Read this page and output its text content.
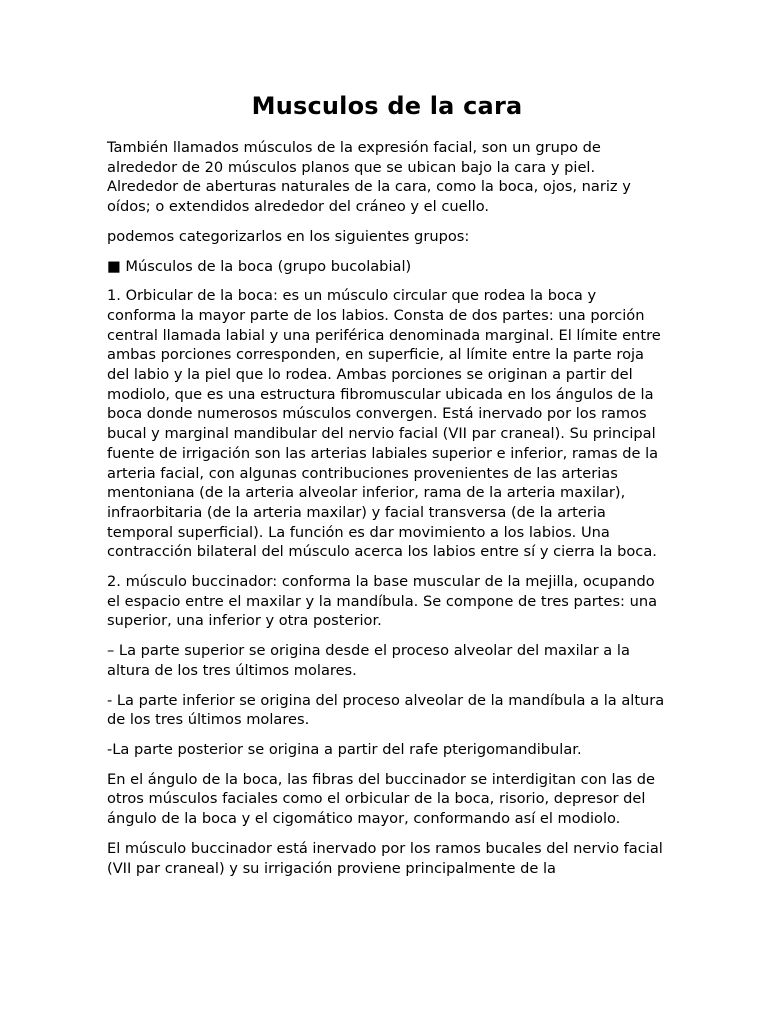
Musculos de la cara

También llamados músculos de la expresión facial, son un grupo de alrededor de 20 músculos planos que se ubican bajo la cara y piel. Alrededor de aberturas naturales de la cara, como la boca, ojos, nariz y oídos; o extendidos alrededor del cráneo y el cuello.

podemos categorizarlos en los siguientes grupos:

■ Músculos de la boca (grupo bucolabial)

1. Orbicular de la boca: es un músculo circular que rodea la boca y conforma la mayor parte de los labios. Consta de dos partes: una porción central llamada labial y una periférica denominada marginal. El límite entre ambas porciones corresponden, en superficie, al límite entre la parte roja del labio y la piel que lo rodea. Ambas porciones se originan a partir del modiolo, que es una estructura fibromuscular ubicada en los ángulos de la boca donde numerosos músculos convergen. Está inervado por los ramos bucal y marginal mandibular del nervio facial (VII par craneal). Su principal fuente de irrigación son las arterias labiales superior e inferior, ramas de la arteria facial, con algunas contribuciones provenientes de las arterias mentoniana (de la arteria alveolar inferior, rama de la arteria maxilar), infraorbitaria (de la arteria maxilar) y facial transversa (de la arteria temporal superficial). La función es dar movimiento a los labios. Una contracción bilateral del músculo acerca los labios entre sí y cierra la boca.

2. músculo buccinador: conforma la base muscular de la mejilla, ocupando el espacio entre el maxilar y la mandíbula. Se compone de tres partes: una superior, una inferior y otra posterior.

– La parte superior se origina desde el proceso alveolar del maxilar a la altura de los tres últimos molares.

- La parte inferior se origina del proceso alveolar de la mandíbula a la altura de los tres últimos molares.

-La parte posterior se origina a partir del rafe pterigomandibular.

En el ángulo de la boca, las fibras del buccinador se interdigitan con las de otros músculos faciales como el orbicular de la boca, risorio, depresor del ángulo de la boca y el cigomático mayor, conformando así el modiolo.

El músculo buccinador está inervado por los ramos bucales del nervio facial (VII par craneal) y su irrigación proviene principalmente de la
